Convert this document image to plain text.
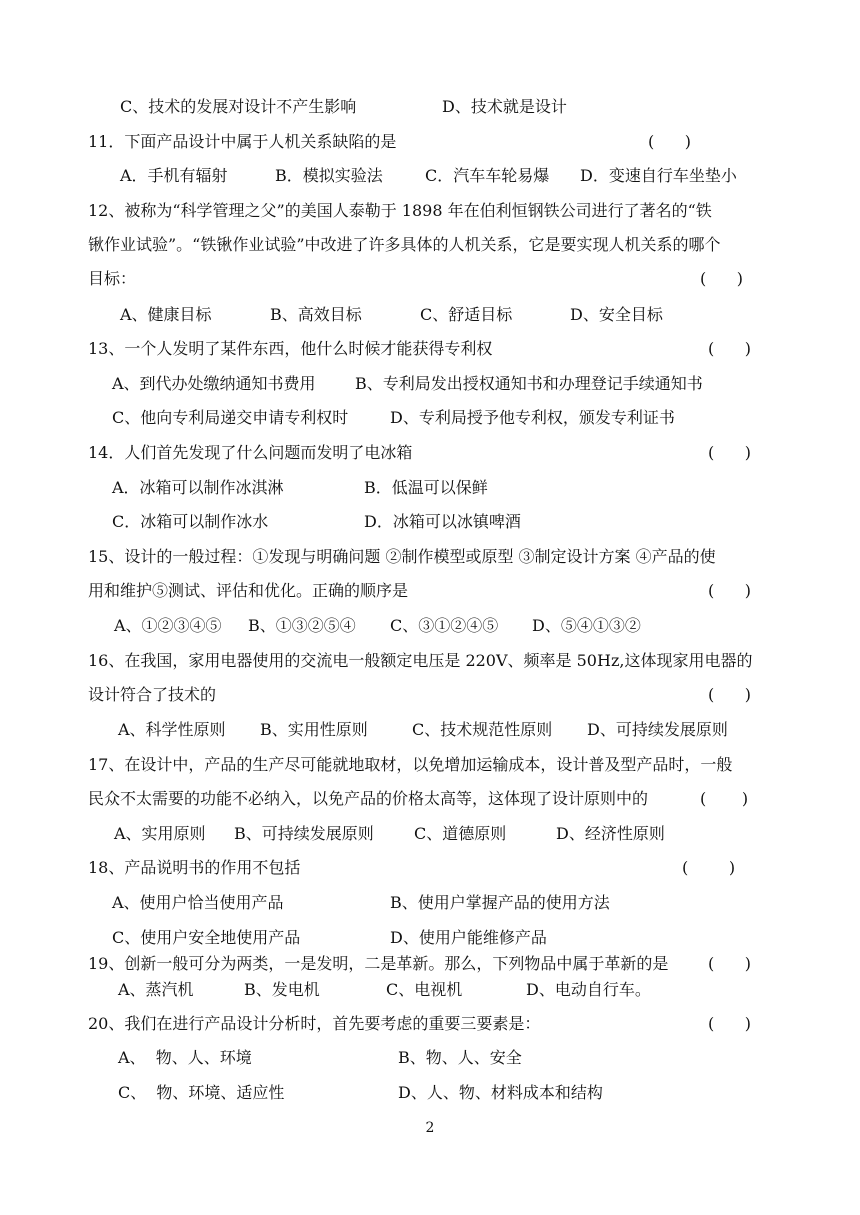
C、技术的发展对设计不产生影响	D、技术就是设计
11．下面产品设计中属于人机关系缺陷的是	(      )
A．手机有辐射	B．模拟实验法	C．汽车车轮易爆 D．变速自行车坐垫小
12、被称为“科学管理之父”的美国人泰勒于 1898 年在伯利恒钢铁公司进行了著名的“铁
锹作业试验”。“铁锹作业试验”中改进了许多具体的人机关系，它是要实现人机关系的哪个
目标：	(      )
A、健康目标	B、高效目标	C、舒适目标	D、安全目标
13、一个人发明了某件东西，他什么时候才能获得专利权	(      )
A、到代办处缴纳通知书费用 B、专利局发出授权通知书和办理登记手续通知书
C、他向专利局递交申请专利权时	D、专利局授予他专利权，颁发专利证书
14．人们首先发现了什么问题而发明了电冰箱	(      )
A．冰箱可以制作冰淇淋	B．低温可以保鲜
C．冰箱可以制作冰水	D．冰箱可以冰镇啤酒
15、设计的一般过程：①发现与明确问题 ②制作模型或原型 ③制定设计方案 ④产品的使
用和维护⑤测试、评估和优化。正确的顺序是	(      )
A、①②③④⑤ B、①③②⑤④ C、③①②④⑤ D、⑤④①③②
16、在我国，家用电器使用的交流电一般额定电压是 220V、频率是 50Hz,这体现家用电器的
设计符合了技术的	(      )
A、科学性原则 B、实用性原则	C、技术规范性原则 D、可持续发展原则
17、在设计中，产品的生产尽可能就地取材，以免增加运输成本，设计普及型产品时，一般
民众不太需要的功能不必纳入，以免产品的价格太高等，这体现了设计原则中的	(       )
A、实用原则 B、可持续发展原则	C、道德原则	D、经济性原则
18、产品说明书的作用不包括	(        )
A、使用户恰当使用产品	B、使用户掌握产品的使用方法
C、使用户安全地使用产品	D、使用户能维修产品
19、创新一般可分为两类，一是发明，二是革新。那么，下列物品中属于革新的是 (      )
A、蒸汽机	B、发电机	C、电视机	D、电动自行车。
20、我们在进行产品设计分析时，首先要考虑的重要三要素是：	(      )
A、  物、人、环境	B、物、人、安全
C、  物、环境、适应性	D、人、物、材料成本和结构
2
